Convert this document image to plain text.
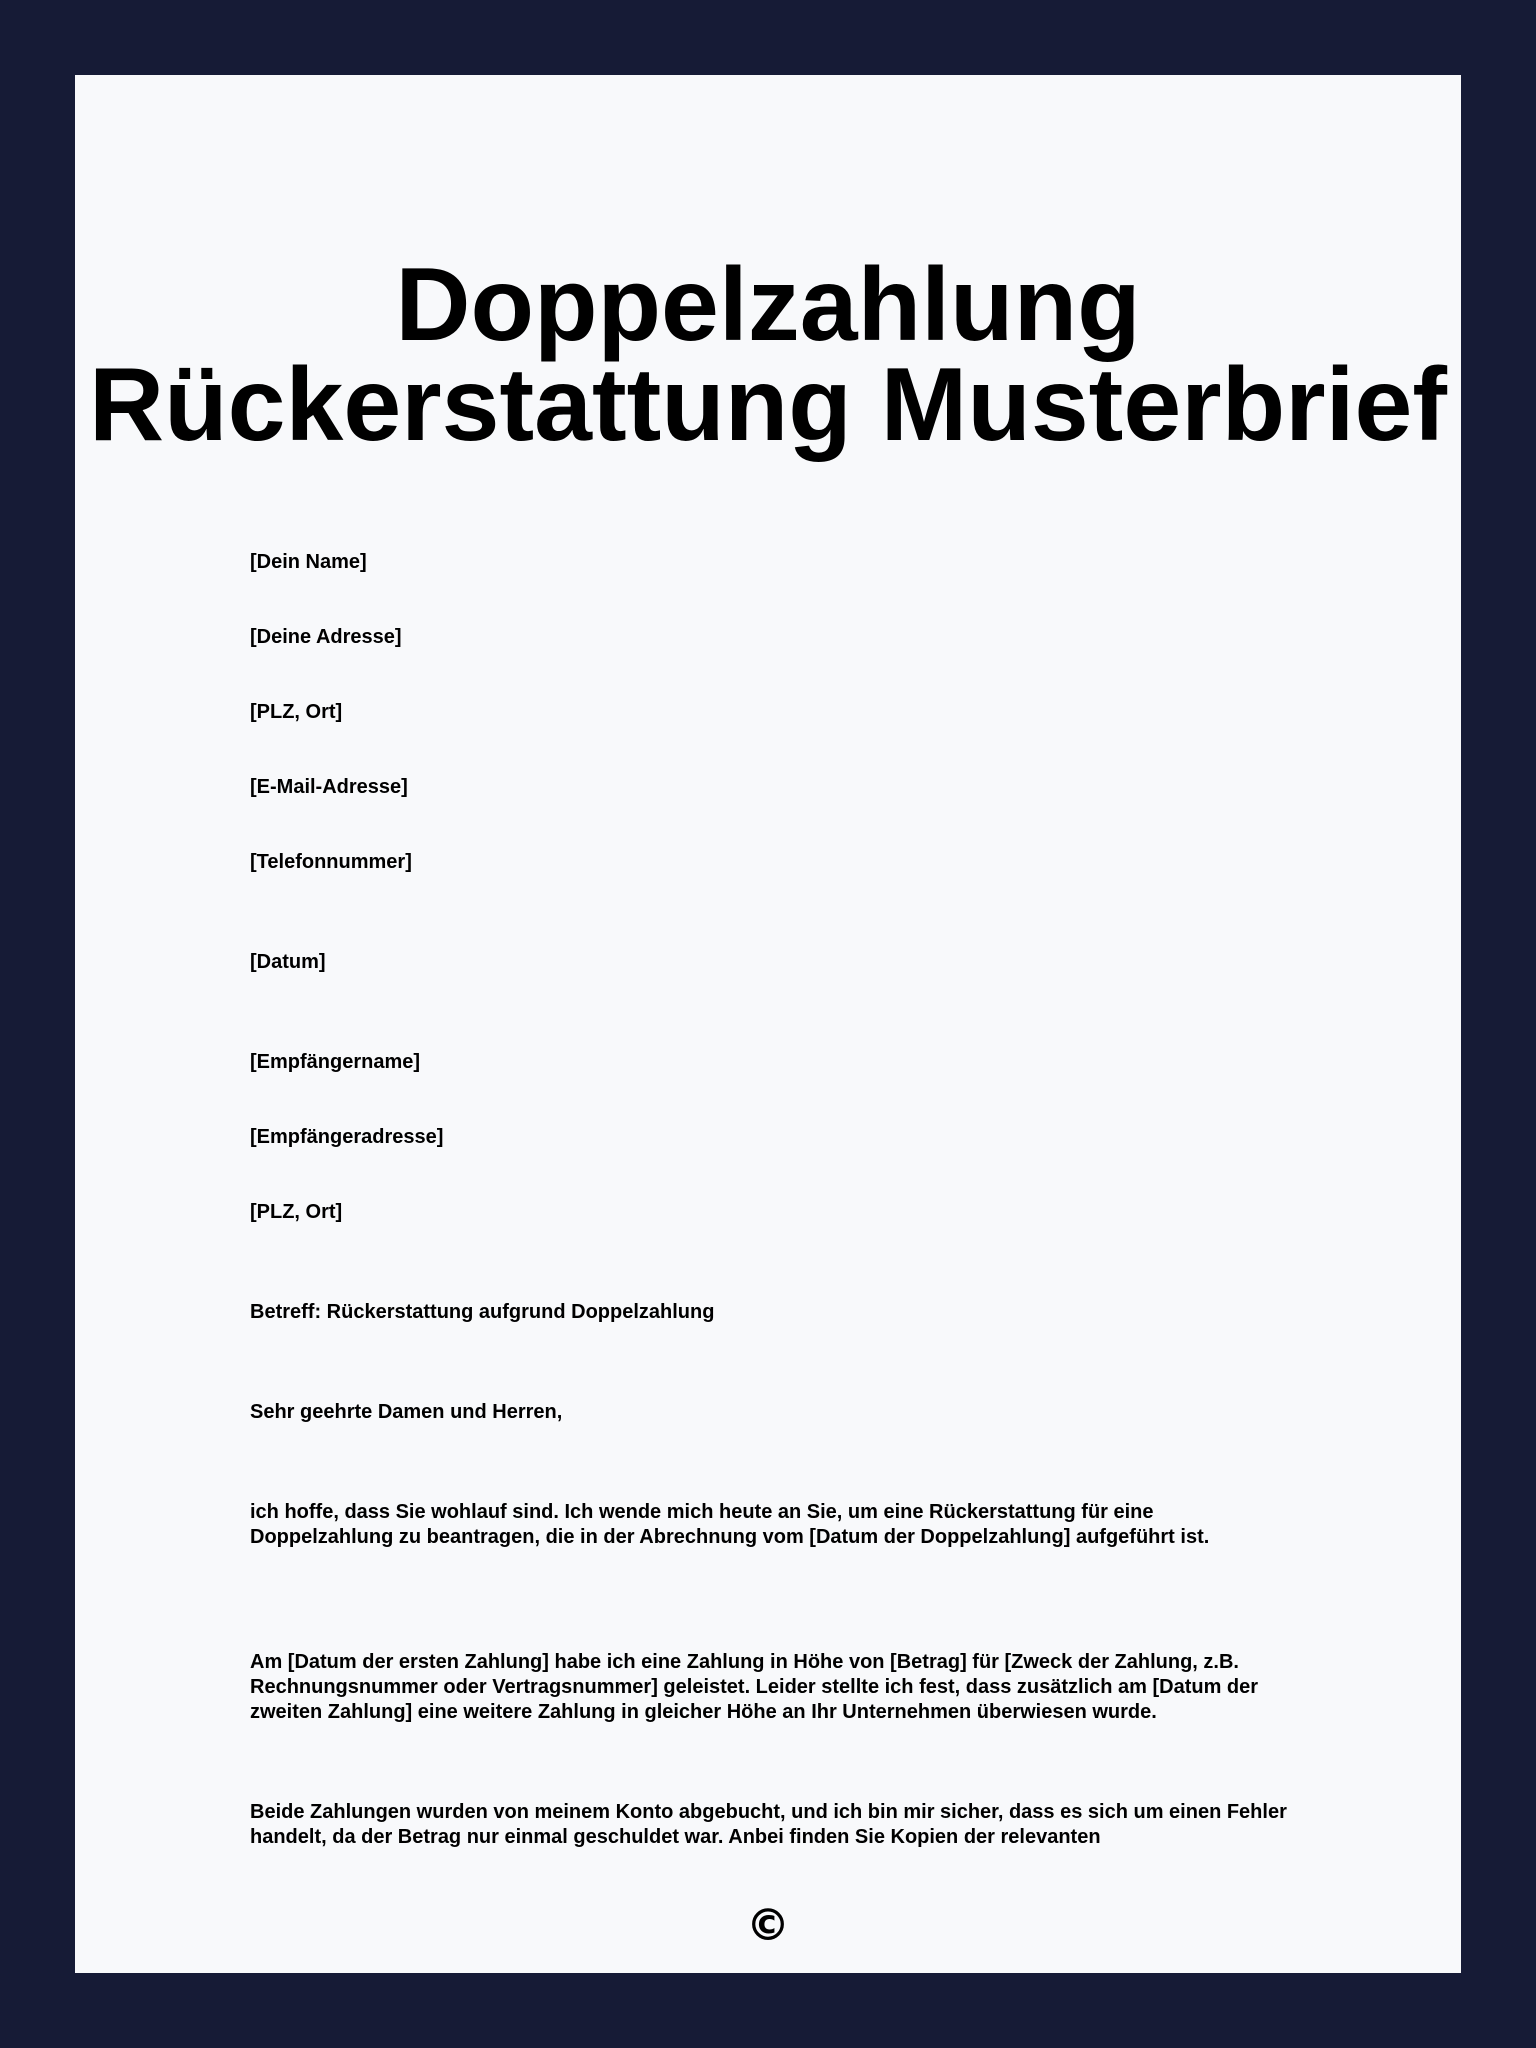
Doppelzahlung
Rückerstattung Musterbrief

[Dein Name]

[Deine Adresse]

[PLZ, Ort]

[E-Mail-Adresse]

[Telefonnummer]

[Datum]

[Empfängername]

[Empfängeradresse]

[PLZ, Ort]

Betreff: Rückerstattung aufgrund Doppelzahlung

Sehr geehrte Damen und Herren,

ich hoffe, dass Sie wohlauf sind. Ich wende mich heute an Sie, um eine Rückerstattung für eine Doppelzahlung zu beantragen, die in der Abrechnung vom [Datum der Doppelzahlung] aufgeführt ist.

Am [Datum der ersten Zahlung] habe ich eine Zahlung in Höhe von [Betrag] für [Zweck der Zahlung, z.B. Rechnungsnummer oder Vertragsnummer] geleistet. Leider stellte ich fest, dass zusätzlich am [Datum der zweiten Zahlung] eine weitere Zahlung in gleicher Höhe an Ihr Unternehmen überwiesen wurde.

Beide Zahlungen wurden von meinem Konto abgebucht, und ich bin mir sicher, dass es sich um einen Fehler handelt, da der Betrag nur einmal geschuldet war. Anbei finden Sie Kopien der relevanten

©
